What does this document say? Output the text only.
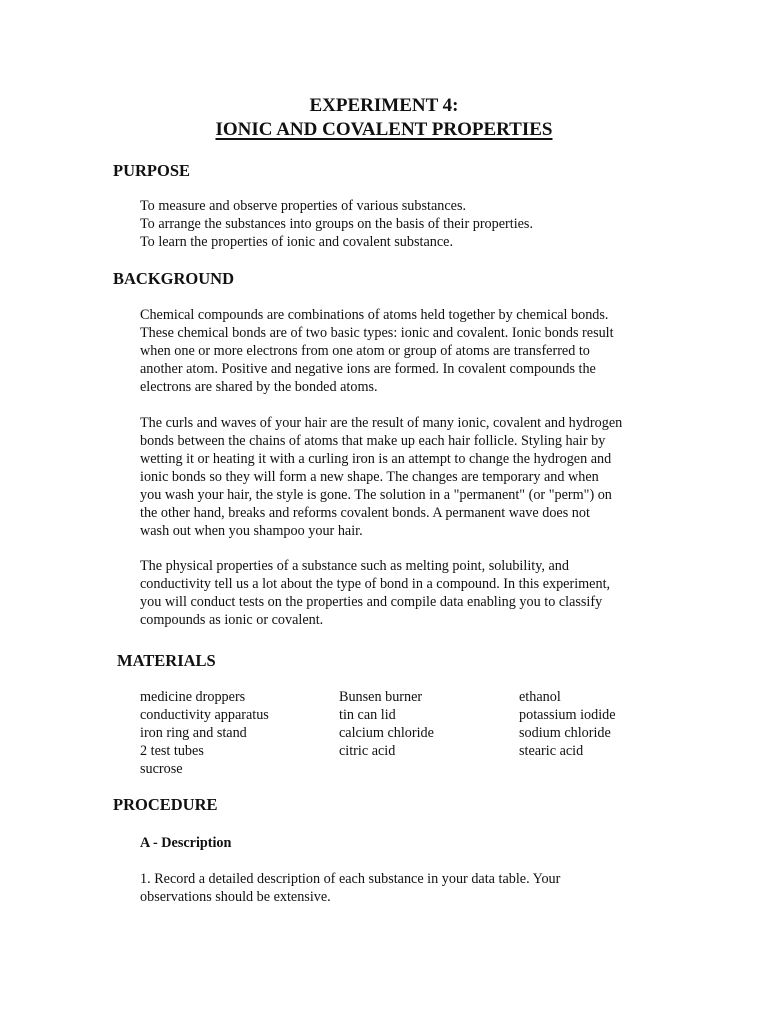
EXPERIMENT 4:
IONIC AND COVALENT PROPERTIES
PURPOSE

To measure and observe properties of various substances.
To arrange the substances into groups on the basis of their properties.
To learn the properties of ionic and covalent substance.

BACKGROUND

Chemical compounds are combinations of atoms held together by chemical bonds.
These chemical bonds are of two basic types: ionic and covalent. Ionic bonds result
when one or more electrons from one atom or group of atoms are transferred to
another atom. Positive and negative ions are formed. In covalent compounds the
electrons are shared by the bonded atoms.

The curls and waves of your hair are the result of many ionic, covalent and hydrogen
bonds between the chains of atoms that make up each hair follicle. Styling hair by
wetting it or heating it with a curling iron is an attempt to change the hydrogen and
ionic bonds so they will form a new shape. The changes are temporary and when
you wash your hair, the style is gone. The solution in a "permanent" (or "perm") on
the other hand, breaks and reforms covalent bonds. A permanent wave does not
wash out when you shampoo your hair.

The physical properties of a substance such as melting point, solubility, and
conductivity tell us a lot about the type of bond in a compound. In this experiment,
you will conduct tests on the properties and compile data enabling you to classify
compounds as ionic or covalent.

MATERIALS
medicine droppers
conductivity apparatus
iron ring and stand
2 test tubes
sucrose
Bunsen burner
tin can lid
calcium chloride
citric acid
ethanol
potassium iodide
sodium chloride
stearic acid
PROCEDURE
A - Description

1. Record a detailed description of each substance in your data table. Your
observations should be extensive.
